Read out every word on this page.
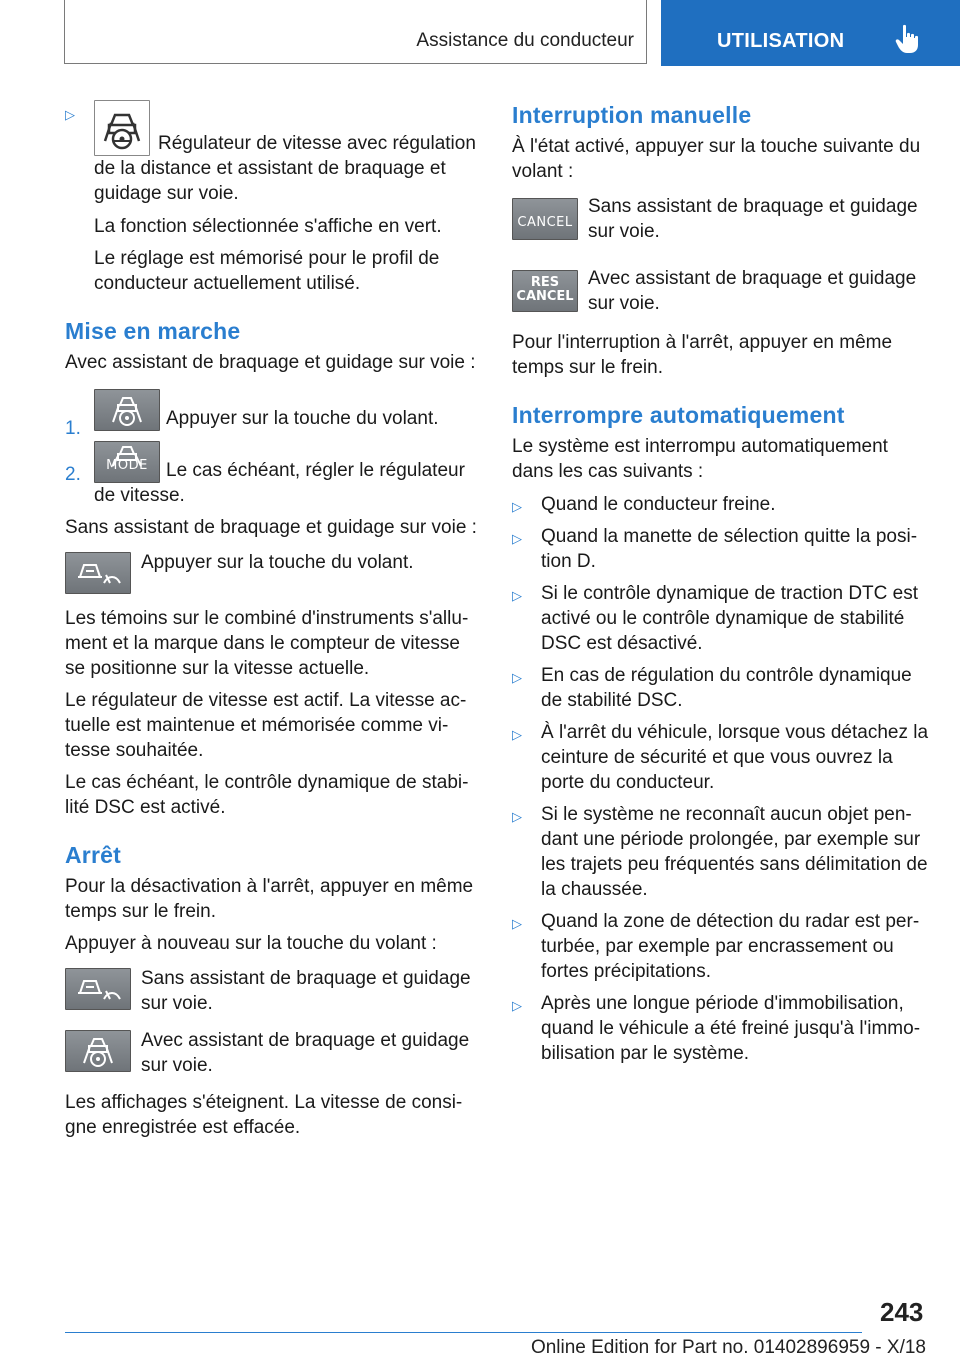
Assistance du conducteur	UTILISATION
▷
Régulateur de vitesse avec régulation de la distance et assistant de braquage et guidage sur voie.

La fonction sélectionnée s'affiche en vert.

Le réglage est mémorisé pour le profil de conducteur actuellement utilisé.

Mise en marche

Avec assistant de braquage et guidage sur voie :

1.	Appuyer sur la touche du volant.
2.	MODE Le cas échéant, régler le régulateur de vitesse.

Sans assistant de braquage et guidage sur voie :

Appuyer sur la touche du volant.

Les témoins sur le combiné d'instruments s'allument et la marque dans le compteur de vitesse se positionne sur la vitesse actuelle.

Le régulateur de vitesse est actif. La vitesse actuelle est maintenue et mémorisée comme vitesse souhaitée.

Le cas échéant, le contrôle dynamique de stabilité DSC est activé.

Arrêt

Pour la désactivation à l'arrêt, appuyer en même temps sur le frein.

Appuyer à nouveau sur la touche du volant :

Sans assistant de braquage et guidage sur voie.
Avec assistant de braquage et guidage sur voie.

Les affichages s'éteignent. La vitesse de consigne enregistrée est effacée.

Interruption manuelle

À l'état activé, appuyer sur la touche suivante du volant :

CANCEL
Sans assistant de braquage et guidage sur voie.
RES
CANCEL
Avec assistant de braquage et guidage sur voie.

Pour l'interruption à l'arrêt, appuyer en même temps sur le frein.

Interrompre automatiquement

Le système est interrompu automatiquement dans les cas suivants :

▷ Quand le conducteur freine.
▷ Quand la manette de sélection quitte la position D.
▷ Si le contrôle dynamique de traction DTC est activé ou le contrôle dynamique de stabilité DSC est désactivé.
▷ En cas de régulation du contrôle dynamique de stabilité DSC.
▷ À l'arrêt du véhicule, lorsque vous détachez la ceinture de sécurité et que vous ouvrez la porte du conducteur.
▷ Si le système ne reconnaît aucun objet pendant une période prolongée, par exemple sur les trajets peu fréquentés sans délimitation de la chaussée.
▷ Quand la zone de détection du radar est perturbée, par exemple par encrassement ou fortes précipitations.
▷ Après une longue période d'immobilisation, quand le véhicule a été freiné jusqu'à l'immobilisation par le système.
243
Online Edition for Part no. 01402896959 - X/18
